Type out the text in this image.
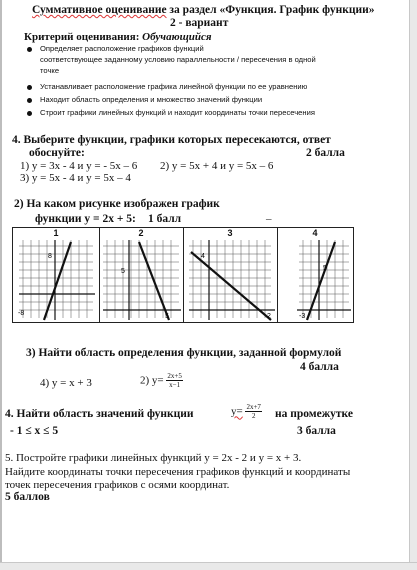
Суммативное оценивание за раздел «Функция. График функции»
2 - вариант
Критерий оценивания: Обучающийся
Определяет расположение графиков функций
соответствующее заданному условию параллельности / пересечения в одной
точке
Устанавливает расположение графика линейной функции по ее уравнению
Находит область определения и множество значений функции
Строит графики линейных функций и находит координаты точки пересечения
4. Выберите функции, графики которых пересекаются, ответ
обоснуйте:	2 балла
1) y = 3x - 4 и y = - 5x – 6 2) y = 5x + 4 и y = 5x – 6
3) y = 5x - 4 и y = 5x – 4
2) На каком рисунке изображен график
функции y = 2x + 5: 1 балл	–
1
8
-8
2
5
5
3
4
2
4
5
-3
3) Найти область определения функции, заданной формулой
4 балла
4) y = x + 3	2) $y= \frac{2x+5}{x-1}$
4. Найти область значений функции	$y= \frac{2x+7}{2}$ на промежутке
- 1 ≤ x ≤ 5	3 балла
5. Постройте графики линейных функций y = 2x - 2 и y = x + 3.
Найдите координаты точки пересечения графиков функций и координаты
точек пересечения графиков с осями координат.
5 баллов
